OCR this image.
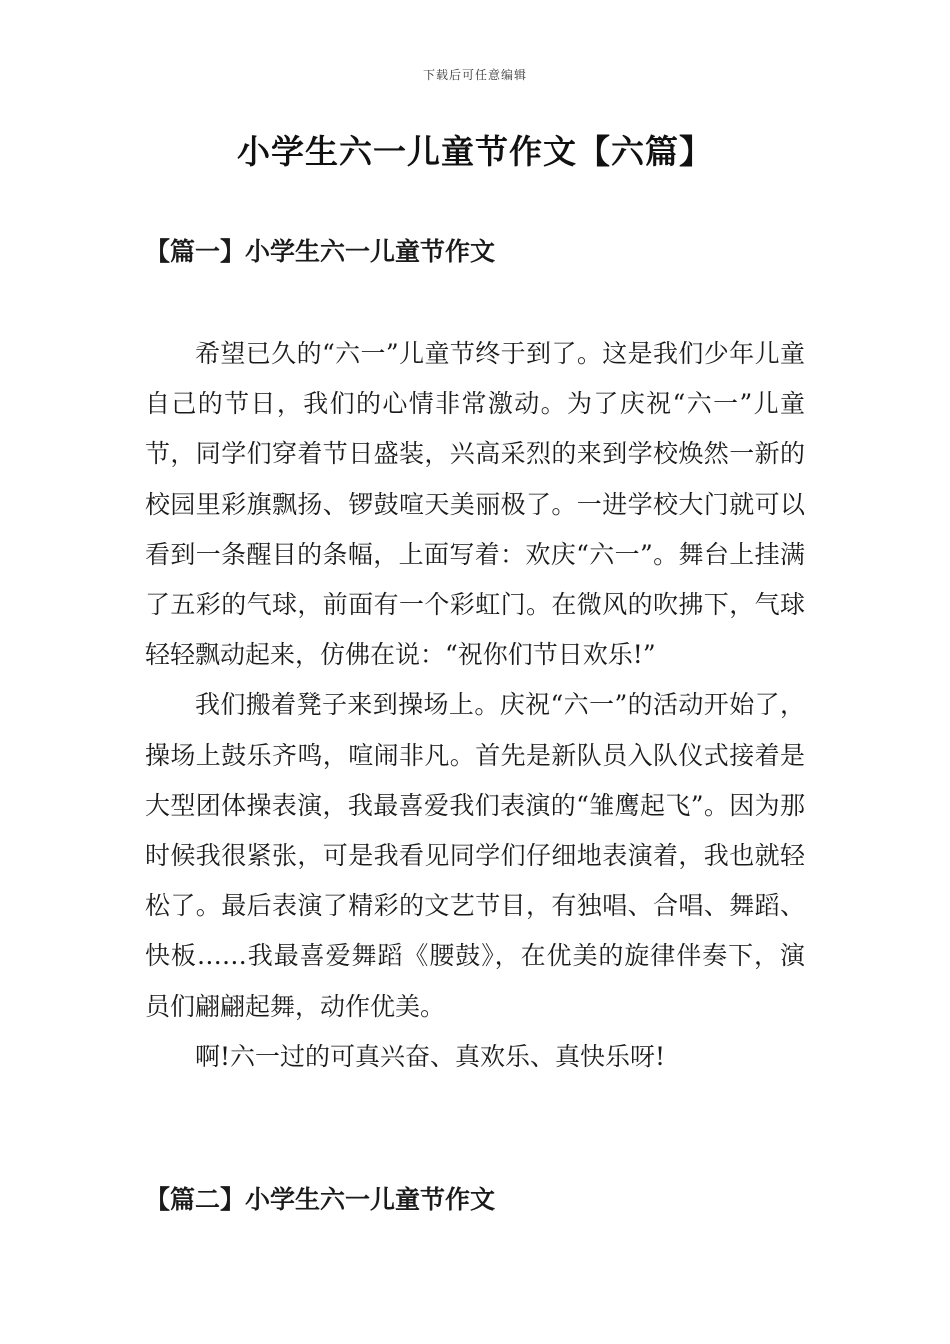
下载后可任意编辑
小学生六一儿童节作文【六篇】
【篇一】小学生六一儿童节作文

希望已久的“六一”儿童节终于到了。这是我们少年儿童自己的节日，我们的心情非常激动。为了庆祝“六一”儿童节，同学们穿着节日盛装，兴高采烈的来到学校焕然一新的校园里彩旗飘扬、锣鼓喧天美丽极了。一进学校大门就可以看到一条醒目的条幅，上面写着：欢庆“六一”。舞台上挂满了五彩的气球，前面有一个彩虹门。在微风的吹拂下，气球轻轻飘动起来，仿佛在说：“祝你们节日欢乐!”

我们搬着凳子来到操场上。庆祝“六一”的活动开始了，操场上鼓乐齐鸣，喧闹非凡。首先是新队员入队仪式接着是大型团体操表演，我最喜爱我们表演的“雏鹰起飞”。因为那时候我很紧张，可是我看见同学们仔细地表演着，我也就轻松了。最后表演了精彩的文艺节目，有独唱、合唱、舞蹈、快板……我最喜爱舞蹈《腰鼓》，在优美的旋律伴奏下，演员们翩翩起舞，动作优美。

啊!六一过的可真兴奋、真欢乐、真快乐呀!

【篇二】小学生六一儿童节作文
